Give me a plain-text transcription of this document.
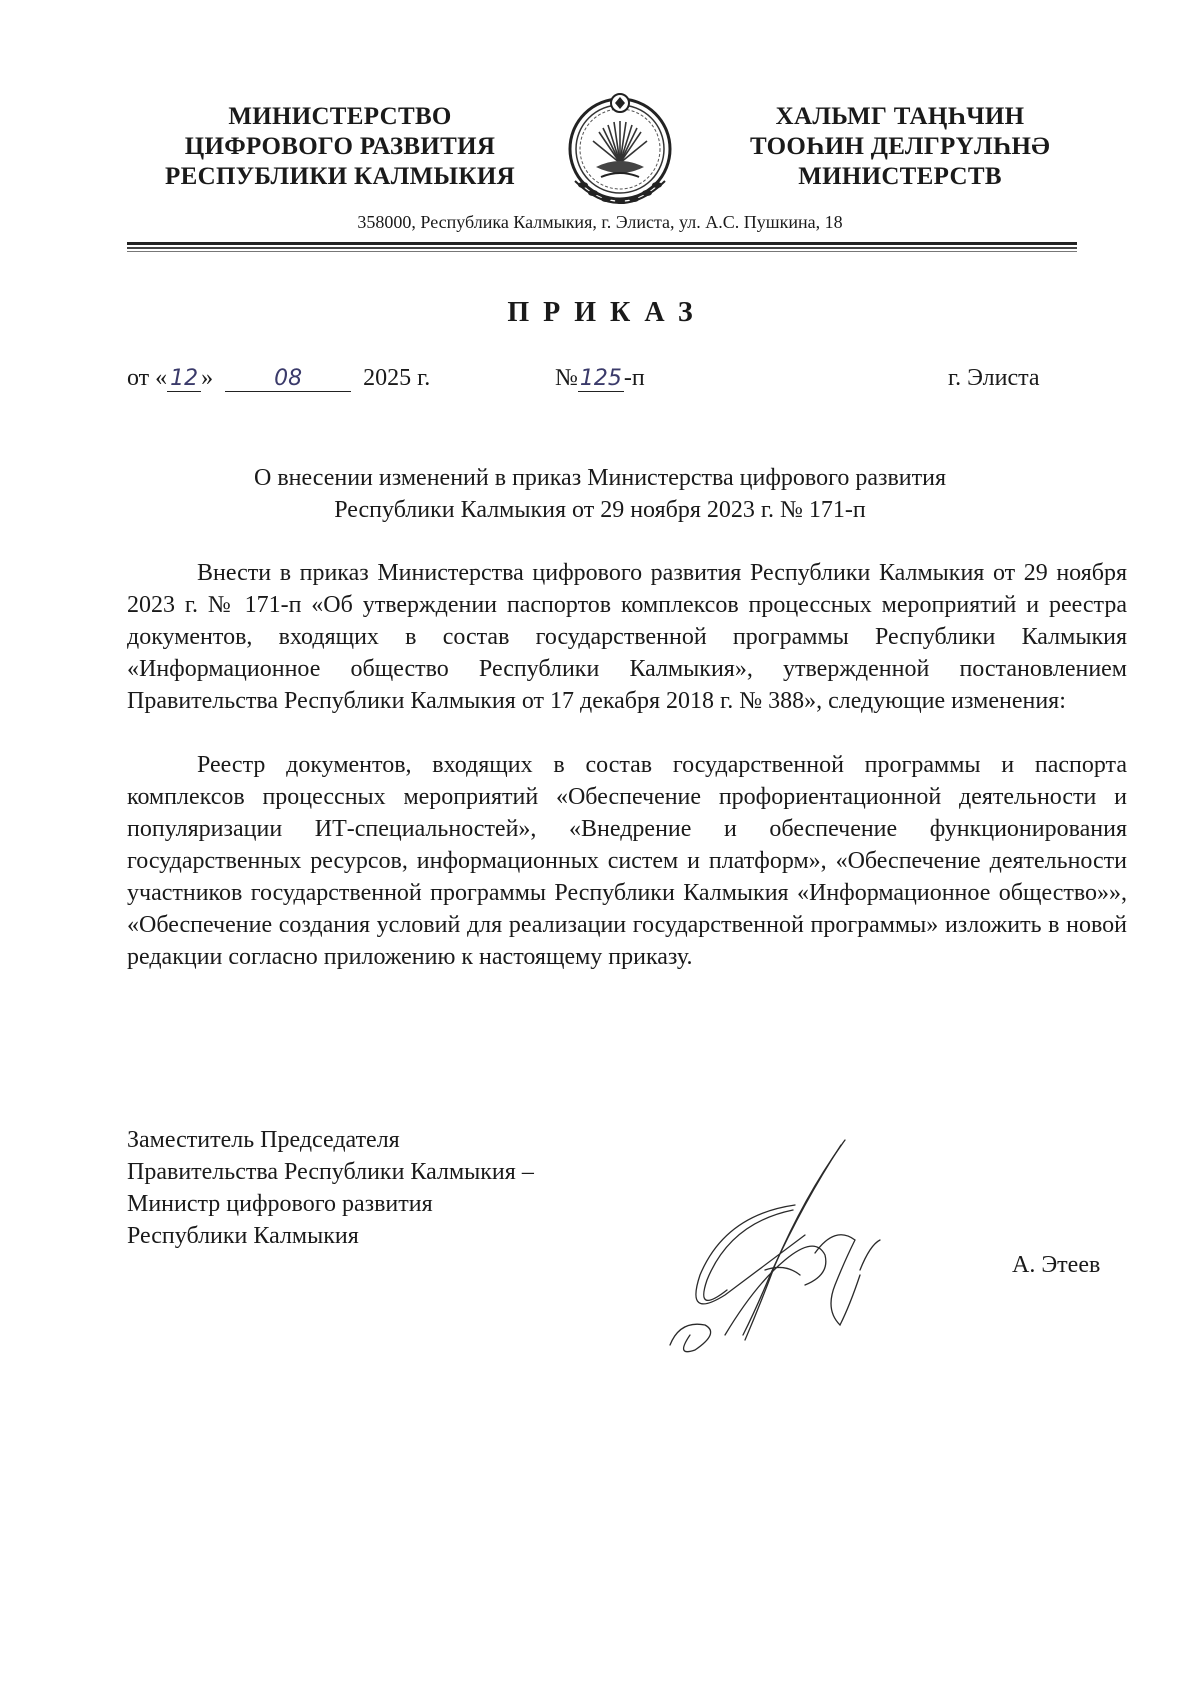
МИНИСТЕРСТВО
ЦИФРОВОГО РАЗВИТИЯ
РЕСПУБЛИКИ КАЛМЫКИЯ
ХАЛЬМГ ТАҢҺЧИН
ТООҺИН ДЕЛГРҮЛҺНӘ
МИНИСТЕРСТВ
358000, Республика Калмыкия, г. Элиста, ул. А.С. Пушкина, 18
ПРИКАЗ
от « 12 »	08	2025 г.	№125-п	г. Элиста
О внесении изменений в приказ Министерства цифрового развития
Республики Калмыкия от 29 ноября 2023 г. № 171-п
Внести в приказ Министерства цифрового развития Республики Калмыкия от 29 ноября 2023 г. № 171-п «Об утверждении паспортов комплексов процессных мероприятий и реестра документов, входящих в состав государственной программы Республики Калмыкия «Информационное общество Республики Калмыкия», утвержденной постановлением Правительства Республики Калмыкия от 17 декабря 2018 г. № 388», следующие изменения:
Реестр документов, входящих в состав государственной программы и паспорта комплексов процессных мероприятий «Обеспечение профориентационной деятельности и популяризации ИТ-специальностей», «Внедрение и обеспечение функционирования государственных ресурсов, информационных систем и платформ», «Обеспечение деятельности участников государственной программы Республики Калмыкия «Информационное общество»», «Обеспечение создания условий для реализации государственной программы» изложить в новой редакции согласно приложению к настоящему приказу.
Заместитель Председателя
Правительства Республики Калмыкия –
Министр цифрового развития
Республики Калмыкия
А. Этеев
